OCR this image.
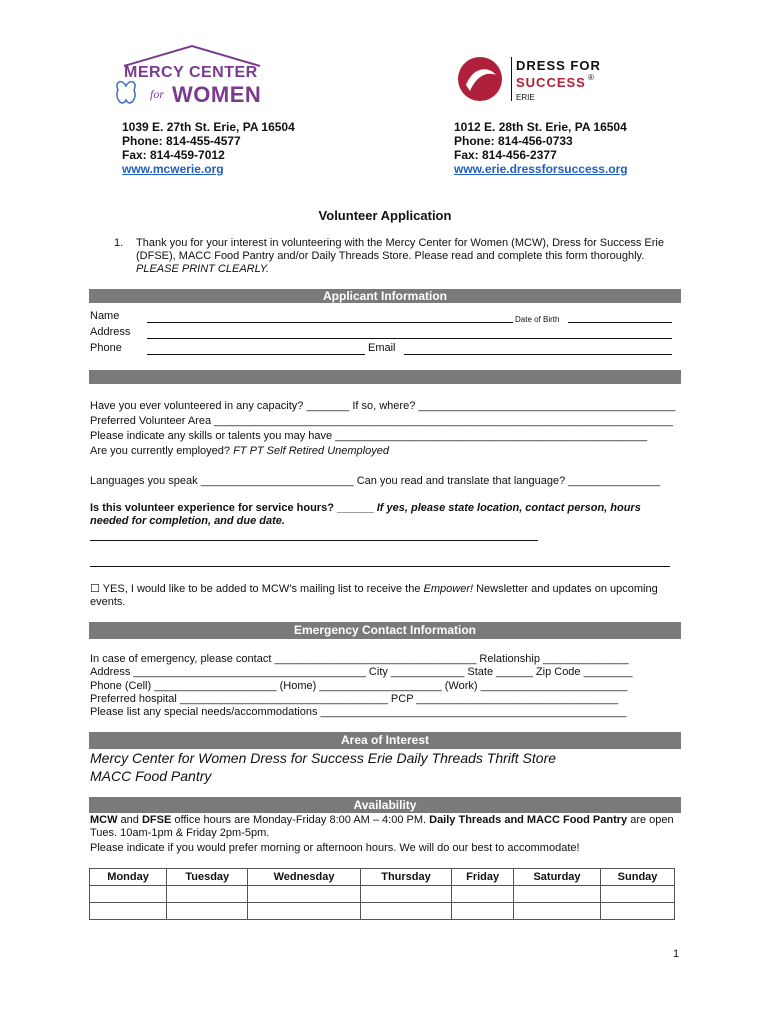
MERCY CENTER
for WOMEN
DRESS FOR
SUCCESS ®
ERIE
1039 E. 27th St. Erie, PA 16504
Phone: 814-455-4577
Fax: 814-459-7012
www.mcwerie.org
1012 E. 28th St. Erie, PA 16504
Phone: 814-456-0733
Fax: 814-456-2377
www.erie.dressforsuccess.org
Volunteer Application
1. Thank you for your interest in volunteering with the Mercy Center for Women (MCW), Dress for Success Erie (DFSE), MACC Food Pantry and/or Daily Threads Store. Please read and complete this form thoroughly. PLEASE PRINT CLEARLY.
Applicant Information
Name	Date of Birth
Address
Phone	Email
Have you ever volunteered in any capacity? _______ If so, where? __________________________________________
Preferred Volunteer Area ___________________________________________________________________________
Please indicate any skills or talents you may have ___________________________________________________
Are you currently employed? FT PT Self Retired Unemployed
Languages you speak _________________________ Can you read and translate that language? _______________
Is this volunteer experience for service hours? ______ If yes, please state location, contact person, hours needed for completion, and due date.
☐ YES, I would like to be added to MCW’s mailing list to receive the Empower! Newsletter and updates on upcoming events.
Emergency Contact Information
In case of emergency, please contact _________________________________ Relationship ______________
Address ______________________________________ City ____________ State ______ Zip Code ________
Phone (Cell) ____________________ (Home) ____________________ (Work) ________________________
Preferred hospital __________________________________ PCP _________________________________
Please list any special needs/accommodations __________________________________________________
Area of Interest
Mercy Center for Women Dress for Success Erie Daily Threads Thrift Store
MACC Food Pantry
Availability
MCW and DFSE office hours are Monday-Friday 8:00 AM – 4:00 PM. Daily Threads and MACC Food Pantry are open Tues. 10am-1pm & Friday 2pm-5pm.
Please indicate if you would prefer morning or afternoon hours. We will do our best to accommodate!
Monday	Tuesday	Wednesday	Thursday	Friday	Saturday	Sunday

1
